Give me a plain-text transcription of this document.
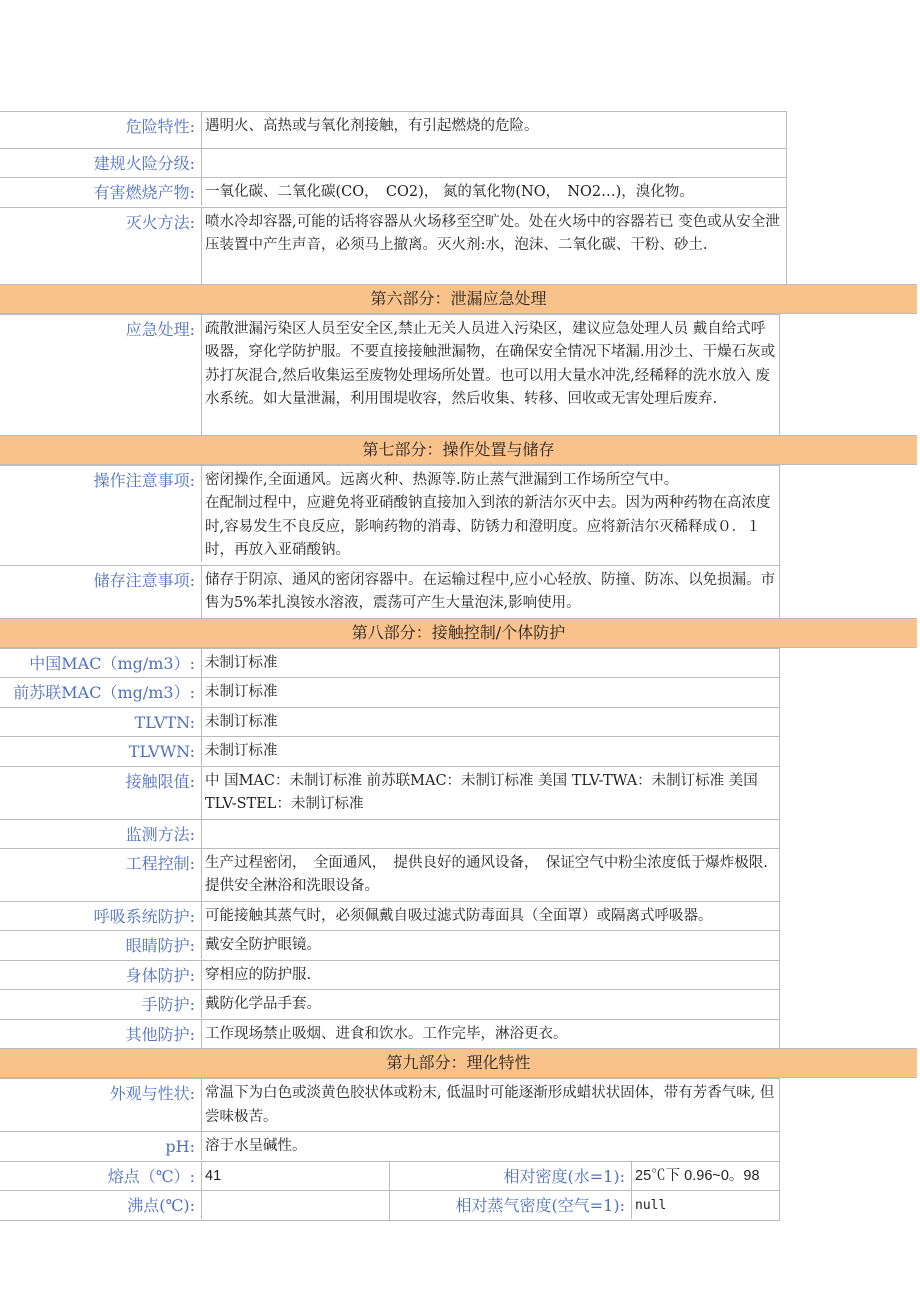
危险特性: 遇明火、高热或与氧化剂接触，有引起燃烧的危险。
建规火险分级:
有害燃烧产物: 一氧化碳、二氧化碳(CO，　CO2)， 氮的氧化物(NO，　NO2…)，溴化物。
灭火方法: 喷水冷却容器,可能的话将容器从火场移至空旷处。处在火场中的容器若已 变色或从安全泄压装置中产生声音，必须马上撤离。灭火剂:水，泡沫、二氧化碳、干粉、砂土.
第六部分：泄漏应急处理
应急处理: 疏散泄漏污染区人员至安全区,禁止无关人员进入污染区，建议应急处理人员 戴自给式呼吸器，穿化学防护服。不要直接接触泄漏物，在确保安全情况下堵漏.用沙土、干燥石灰或苏打灰混合,然后收集运至废物处理场所处置。也可以用大量水冲洗,经稀释的洗水放入 废水系统。如大量泄漏，利用围堤收容，然后收集、转移、回收或无害处理后废弃.
第七部分：操作处置与储存
操作注意事项: 密闭操作,全面通风。远离火种、热源等.防止蒸气泄漏到工作场所空气中。
在配制过程中，应避免将亚硝酸钠直接加入到浓的新洁尔灭中去。因为两种药物在高浓度时,容易发生不良反应，影响药物的消毒、防锈力和澄明度。应将新洁尔灭稀释成０．１时，再放入亚硝酸钠。
储存注意事项: 储存于阴凉、通风的密闭容器中。在运输过程中,应小心轻放、防撞、防冻、以免损漏。市售为5%苯扎溴铵水溶液，震荡可产生大量泡沫,影响使用。
第八部分：接触控制/个体防护
中国MAC（mg/m3）: 未制订标准
前苏联MAC（mg/m3）: 未制订标准
TLVTN: 未制订标准
TLVWN: 未制订标准
接触限值: 中 国MAC：未制订标准 前苏联MAC：未制订标准 美国 TLV-TWA：未制订标准 美国 TLV-STEL：未制订标准
监测方法:
工程控制: 生产过程密闭，　全面通风，　提供良好的通风设备，　保证空气中粉尘浓度低于爆炸极限.提供安全淋浴和洗眼设备。
呼吸系统防护: 可能接触其蒸气时，必须佩戴自吸过滤式防毒面具（全面罩）或隔离式呼吸器。
眼睛防护: 戴安全防护眼镜。
身体防护: 穿相应的防护服.
手防护: 戴防化学品手套。
其他防护: 工作现场禁止吸烟、进食和饮水。工作完毕，淋浴更衣。
第九部分：理化特性
外观与性状: 常温下为白色或淡黄色胶状体或粉末, 低温时可能逐渐形成蜡状状固体，带有芳香气味, 但尝味极苦。
pH: 溶于水呈碱性。
熔点（℃）: 41	相对密度(水=1): 25℃下 0.96~0。98
沸点(℃):	相对蒸气密度(空气=1): null
